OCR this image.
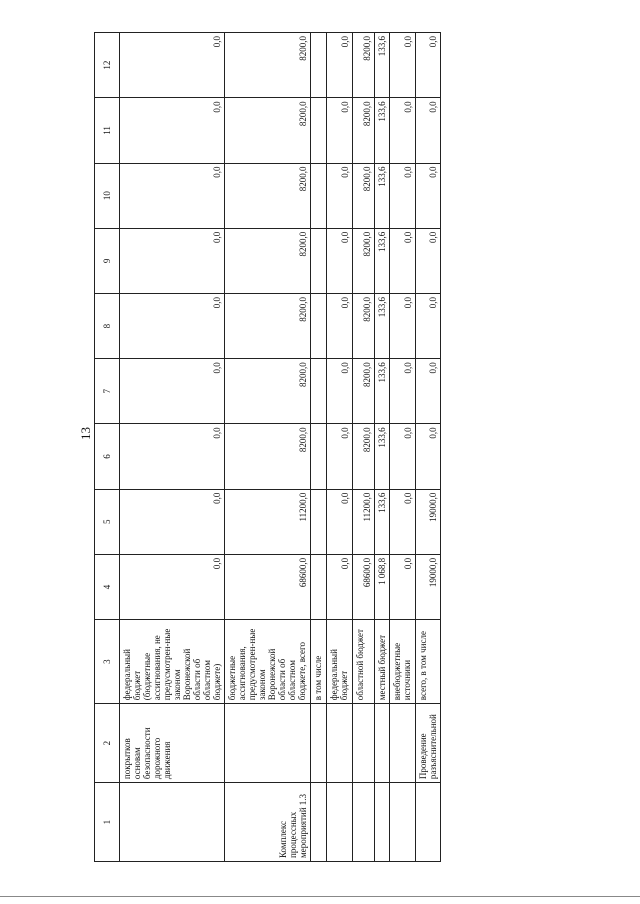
13
1	2	3	4	5	6	7	8	9	10	11	12
	покрытков основам безопасности дорожного движения	федеральный бюджет (бюджетные ассигнования, не предусмотрен-ные законом Воронежской области об областном бюджете)	0,0	0,0	0,0	0,0	0,0	0,0	0,0	0,0	0,0
Комплекс процессных мероприятий 1.3		бюджетные ассигнования, предусмотрен-ные законом Воронежской области об областном бюджете, всего	68600,0	11200,0	8200,0	8200,0	8200,0	8200,0	8200,0	8200,0	8200,0
		в том числе									
		федеральный бюджет	0,0	0,0	0,0	0,0	0,0	0,0	0,0	0,0	0,0
		областной бюджет	68600,0	11200,0	8200,0	8200,0	8200,0	8200,0	8200,0	8200,0	8200,0
		местный бюджет	1 068,8	133,6	133,6	133,6	133,6	133,6	133,6	133,6	133,6
		внебюджетные источники	0,0	0,0	0,0	0,0	0,0	0,0	0,0	0,0	0,0
	Проведение разъяснительной	всего, в том числе	19000,0	19000,0	0,0	0,0	0,0	0,0	0,0	0,0	0,0
